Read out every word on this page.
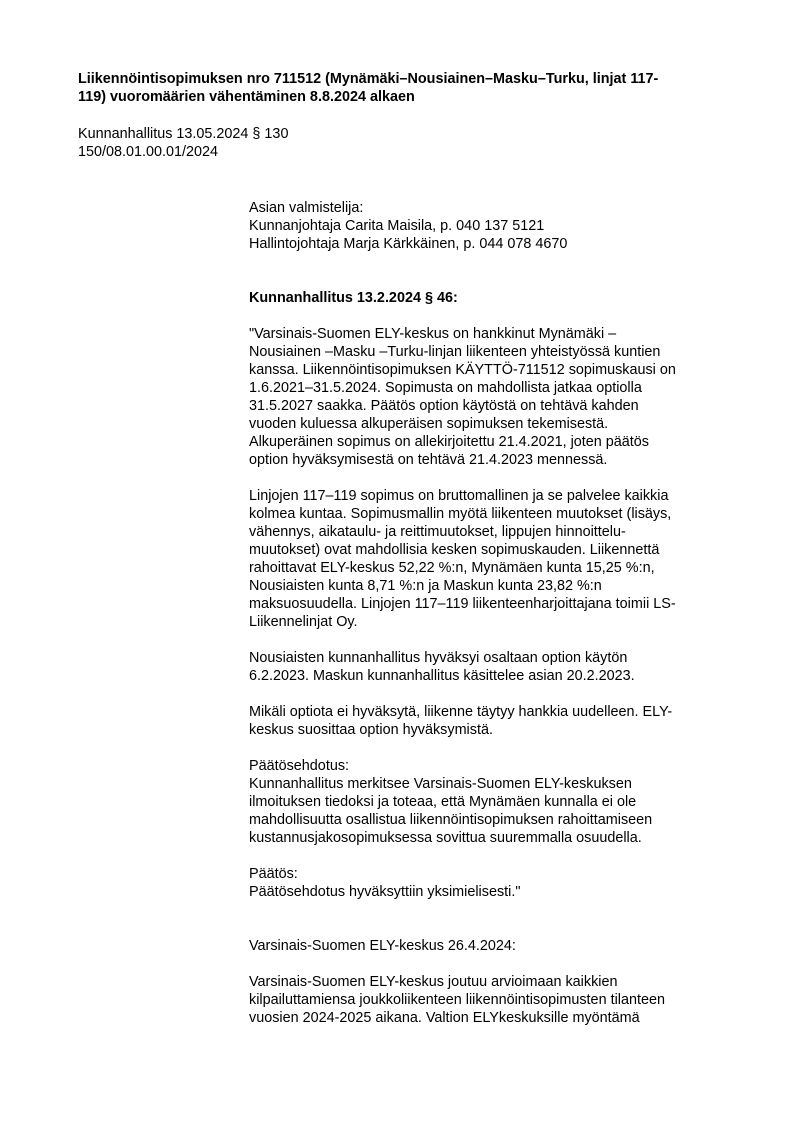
Liikennöintisopimuksen nro 711512 (Mynämäki–Nousiainen–Masku–Turku, linjat 117-
119) vuoromäärien vähentäminen 8.8.2024 alkaen
Kunnanhallitus 13.05.2024 § 130
150/08.01.00.01/2024

Asian valmistelija:
Kunnanjohtaja Carita Maisila, p. 040 137 5121
Hallintojohtaja Marja Kärkkäinen, p. 044 078 4670

Kunnanhallitus 13.2.2024 § 46:

"Varsinais-Suomen ELY-keskus on hankkinut Mynämäki –
Nousiainen –Masku –Turku-linjan liikenteen yhteistyössä kuntien
kanssa. Liikennöintisopimuksen KÄYTTÖ-711512 sopimuskausi on
1.6.2021–31.5.2024. Sopimusta on mahdollista jatkaa optiolla
31.5.2027 saakka. Päätös option käytöstä on tehtävä kahden
vuoden kuluessa alkuperäisen sopimuksen tekemisestä.
Alkuperäinen sopimus on allekirjoitettu 21.4.2021, joten päätös
option hyväksymisestä on tehtävä 21.4.2023 mennessä.

Linjojen 117–119 sopimus on bruttomallinen ja se palvelee kaikkia
kolmea kuntaa. Sopimusmallin myötä liikenteen muutokset (lisäys,
vähennys, aikataulu- ja reittimuutokset, lippujen hinnoittelu-
muutokset) ovat mahdollisia kesken sopimuskauden. Liikennettä
rahoittavat ELY-keskus 52,22 %:n, Mynämäen kunta 15,25 %:n,
Nousiaisten kunta 8,71 %:n ja Maskun kunta 23,82 %:n
maksuosuudella. Linjojen 117–119 liikenteenharjoittajana toimii LS-
Liikennelinjat Oy.

Nousiaisten kunnanhallitus hyväksyi osaltaan option käytön
6.2.2023. Maskun kunnanhallitus käsittelee asian 20.2.2023.

Mikäli optiota ei hyväksytä, liikenne täytyy hankkia uudelleen. ELY-
keskus suosittaa option hyväksymistä.

Päätösehdotus:
Kunnanhallitus merkitsee Varsinais-Suomen ELY-keskuksen
ilmoituksen tiedoksi ja toteaa, että Mynämäen kunnalla ei ole
mahdollisuutta osallistua liikennöintisopimuksen rahoittamiseen
kustannusjakosopimuksessa sovittua suuremmalla osuudella.

Päätös:
Päätösehdotus hyväksyttiin yksimielisesti."

Varsinais-Suomen ELY-keskus 26.4.2024:

Varsinais-Suomen ELY-keskus joutuu arvioimaan kaikkien
kilpailuttamiensa joukkoliikenteen liikennöintisopimusten tilanteen
vuosien 2024-2025 aikana. Valtion ELYkeskuksille myöntämä
